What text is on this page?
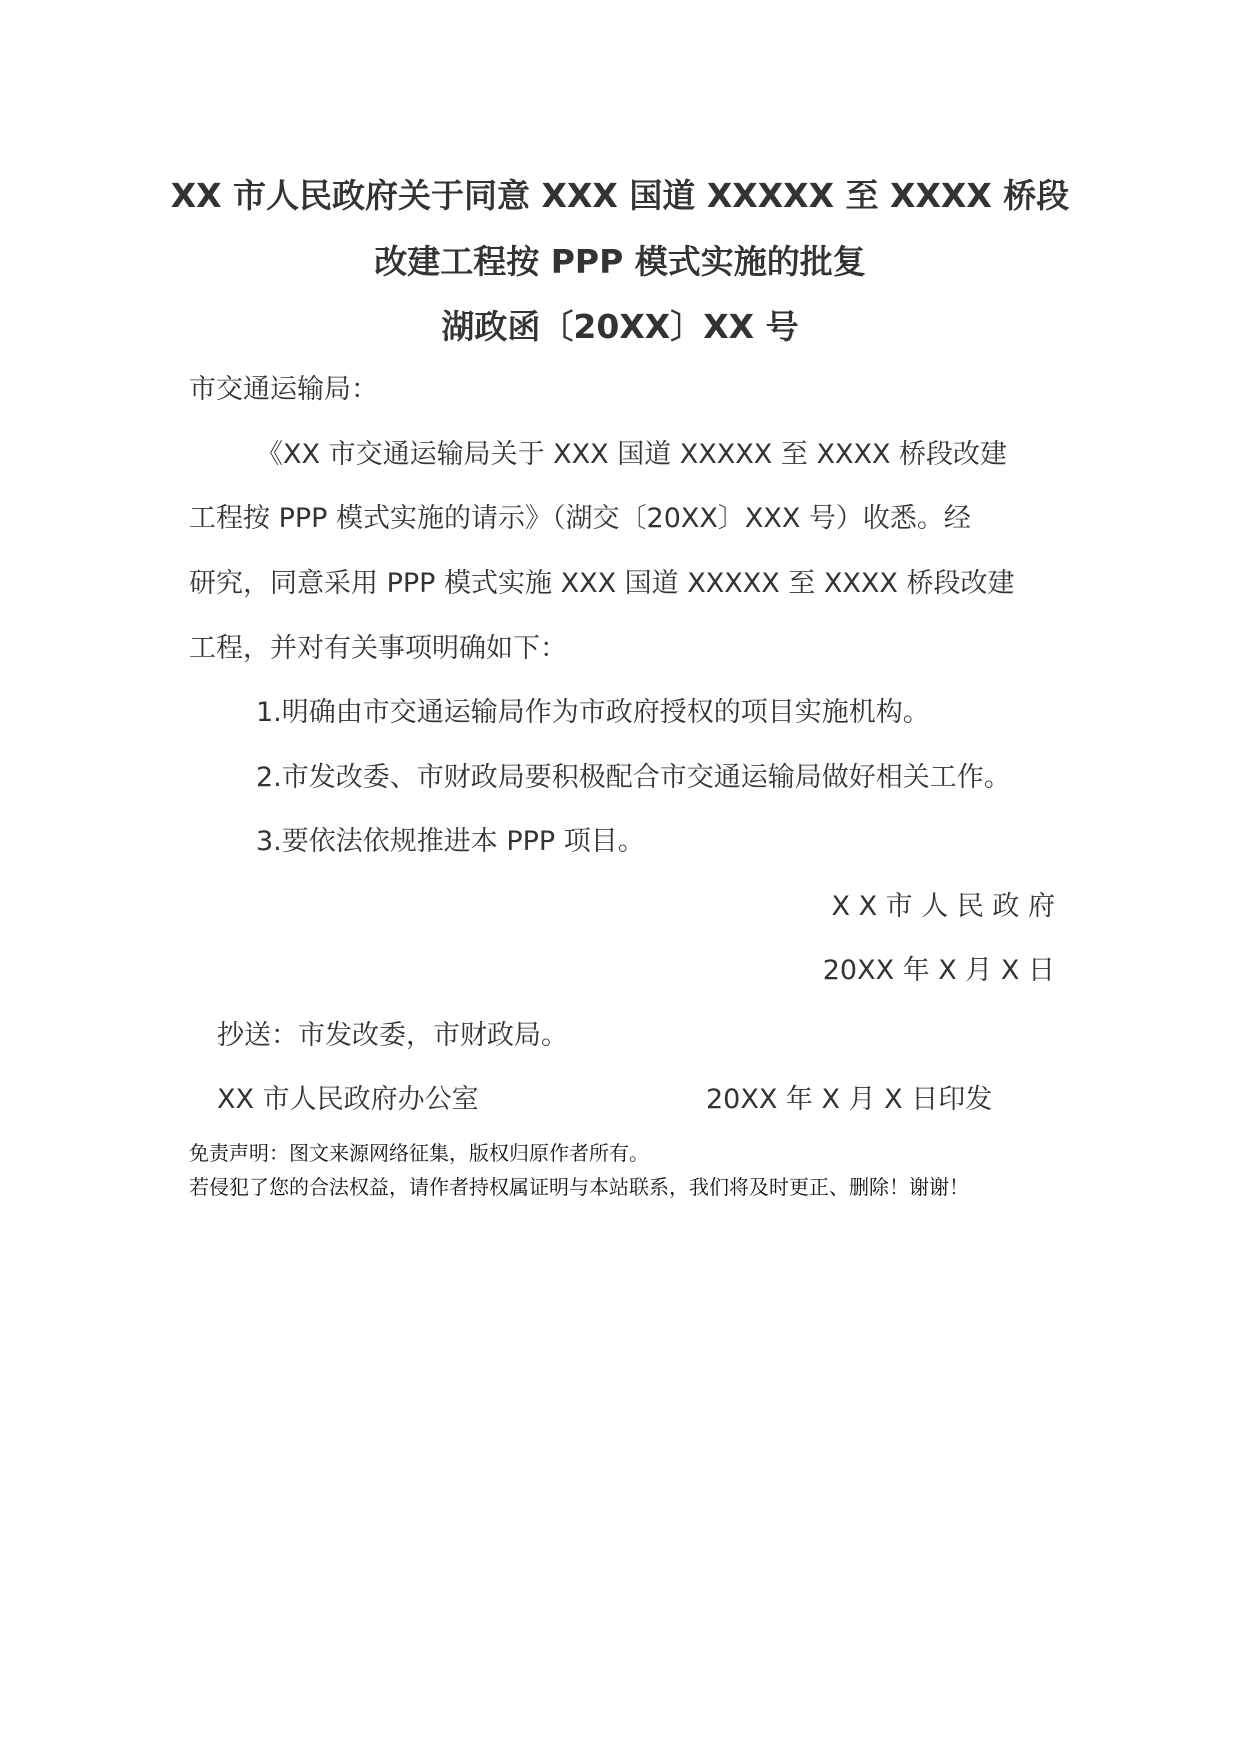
XX 市人民政府关于同意 XXX 国道 XXXXX 至 XXXX 桥段
改建工程按 PPP 模式实施的批复
湖政函〔20XX〕XX 号
市交通运输局：
《XX 市交通运输局关于 XXX 国道 XXXXX 至 XXXX 桥段改建
工程按 PPP 模式实施的请示》（湖交〔20XX〕XXX 号）收悉。经
研究，同意采用 PPP 模式实施 XXX 国道 XXXXX 至 XXXX 桥段改建
工程，并对有关事项明确如下：
1.明确由市交通运输局作为市政府授权的项目实施机构。
2.市发改委、市财政局要积极配合市交通运输局做好相关工作。
3.要依法依规推进本 PPP 项目。
X X 市 人 民 政 府
20XX 年 X 月 X 日
抄送：市发改委，市财政局。
XX 市人民政府办公室	20XX 年 X 月 X 日印发
免责声明：图文来源网络征集，版权归原作者所有。
若侵犯了您的合法权益，请作者持权属证明与本站联系，我们将及时更正、删除！谢谢！
